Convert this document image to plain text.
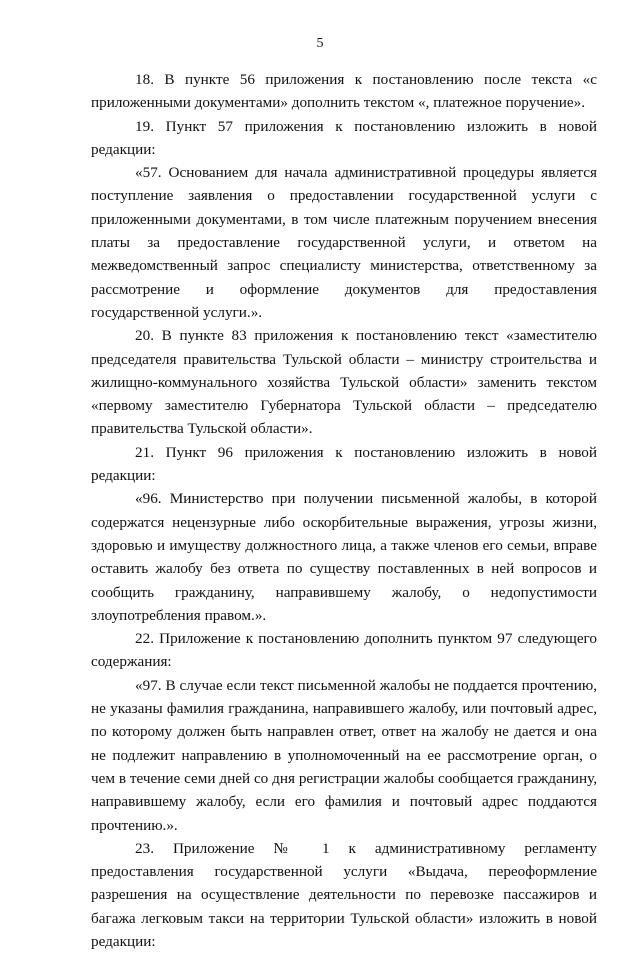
5

18. В пункте 56 приложения к постановлению после текста «с приложенными документами» дополнить текстом «, платежное поручение».

19. Пункт 57 приложения к постановлению изложить в новой редакции:

«57. Основанием для начала административной процедуры является поступление заявления о предоставлении государственной услуги с приложенными документами, в том числе платежным поручением внесения платы за предоставление государственной услуги, и ответом на межведомственный запрос специалисту министерства, ответственному за рассмотрение и оформление документов для предоставления государственной услуги.».

20. В пункте 83 приложения к постановлению текст «заместителю председателя правительства Тульской области – министру строительства и жилищно-коммунального хозяйства Тульской области» заменить текстом «первому заместителю Губернатора Тульской области – председателю правительства Тульской области».

21. Пункт 96 приложения к постановлению изложить в новой редакции:

«96. Министерство при получении письменной жалобы, в которой содержатся нецензурные либо оскорбительные выражения, угрозы жизни, здоровью и имуществу должностного лица, а также членов его семьи, вправе оставить жалобу без ответа по существу поставленных в ней вопросов и сообщить гражданину, направившему жалобу, о недопустимости злоупотребления правом.».

22. Приложение к постановлению дополнить пунктом 97 следующего содержания:

«97. В случае если текст письменной жалобы не поддается прочтению, не указаны фамилия гражданина, направившего жалобу, или почтовый адрес, по которому должен быть направлен ответ, ответ на жалобу не дается и она не подлежит направлению в уполномоченный на ее рассмотрение орган, о чем в течение семи дней со дня регистрации жалобы сообщается гражданину, направившему жалобу, если его фамилия и почтовый адрес поддаются прочтению.».

23. Приложение № 1 к административному регламенту предоставления государственной услуги «Выдача, переоформление разрешения на осуществление деятельности по перевозке пассажиров и багажа легковым такси на территории Тульской области» изложить в новой редакции:
